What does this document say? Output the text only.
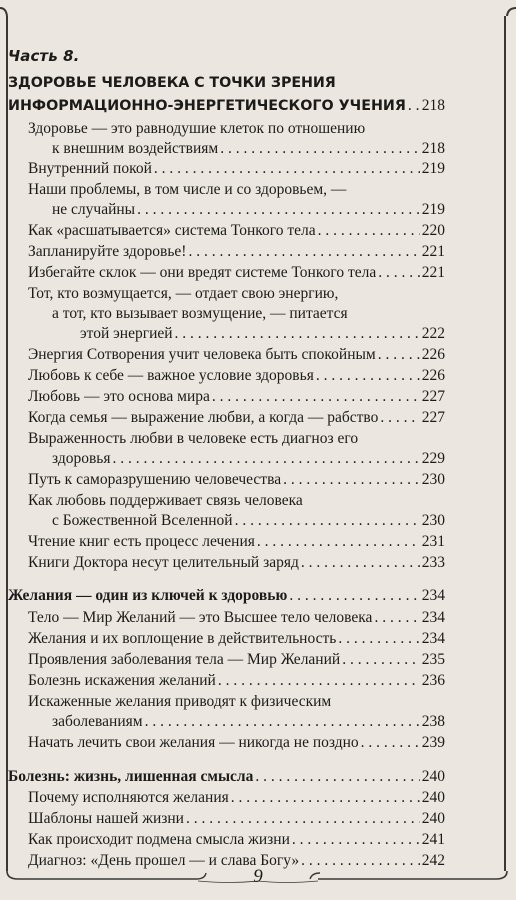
Часть 8.
ЗДОРОВЬЕ ЧЕЛОВЕКА С ТОЧКИ ЗРЕНИЯ
ИНФОРМАЦИОННО-ЭНЕРГЕТИЧЕСКОГО УЧЕНИЯ . . . 218
Здоровье — это равнодушие клеток по отношению
к внешним воздействиям . . .	218
Внутренний покой . . .	219
Наши проблемы, в том числе и со здоровьем, —
не случайны . . .	219
Как «расшатывается» система Тонкого тела . . .	220
Запланируйте здоровье! . . .	221
Избегайте склок — они вредят системе Тонкого тела . . .	221
Тот, кто возмущается, — отдает свою энергию,
а тот, кто вызывает возмущение, — питается
этой энергией . . .	222
Энергия Сотворения учит человека быть спокойным . . .	226
Любовь к себе — важное условие здоровья . . .	226
Любовь — это основа мира . . .	227
Когда семья — выражение любви, а когда — рабство . . .	227
Выраженность любви в человеке есть диагноз его
здоровья . . .	229
Путь к саморазрушению человечества . . .	230
Как любовь поддерживает связь человека
с Божественной Вселенной . . .	230
Чтение книг есть процесс лечения . . .	231
Книги Доктора несут целительный заряд . . .	233
Желания — один из ключей к здоровью . . .	234
Тело — Мир Желаний — это Высшее тело человека . . .	234
Желания и их воплощение в действительность . . .	234
Проявления заболевания тела — Мир Желаний . . .	235
Болезнь искажения желаний . . .	236
Искаженные желания приводят к физическим
заболеваниям . . .	238
Начать лечить свои желания — никогда не поздно . . .	239
Болезнь: жизнь, лишенная смысла . . .	240
Почему исполняются желания . . .	240
Шаблоны нашей жизни . . .	240
Как происходит подмена смысла жизни . . .	241
Диагноз: «День прошел — и слава Богу» . . .	242
9
